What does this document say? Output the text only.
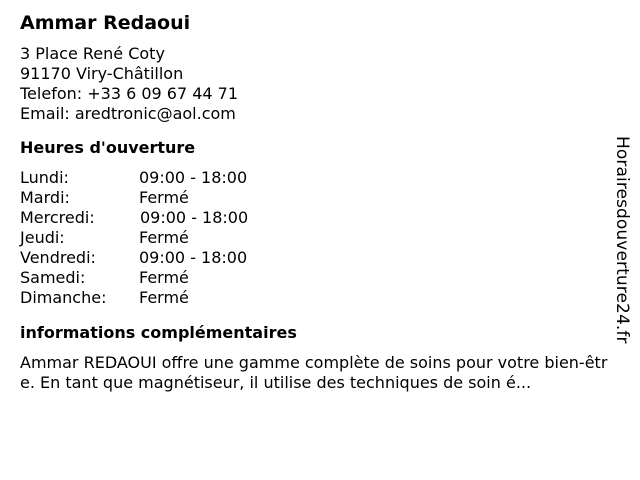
Ammar Redaoui
3 Place René Coty
91170 Viry-Châtillon
Telefon: +33 6 09 67 44 71
Email: aredtronic@aol.com
Heures d'ouverture
Lundi:	09:00 - 18:00
Mardi:	Fermé
Mercredi:	09:00 - 18:00
Jeudi:	Fermé
Vendredi:	09:00 - 18:00
Samedi:	Fermé
Dimanche: Fermé
informations complémentaires
Ammar REDAOUI offre une gamme complète de soins pour votre bien-être. En tant que magnétiseur, il utilise des techniques de soin é...
Horairesdouverture24.fr
